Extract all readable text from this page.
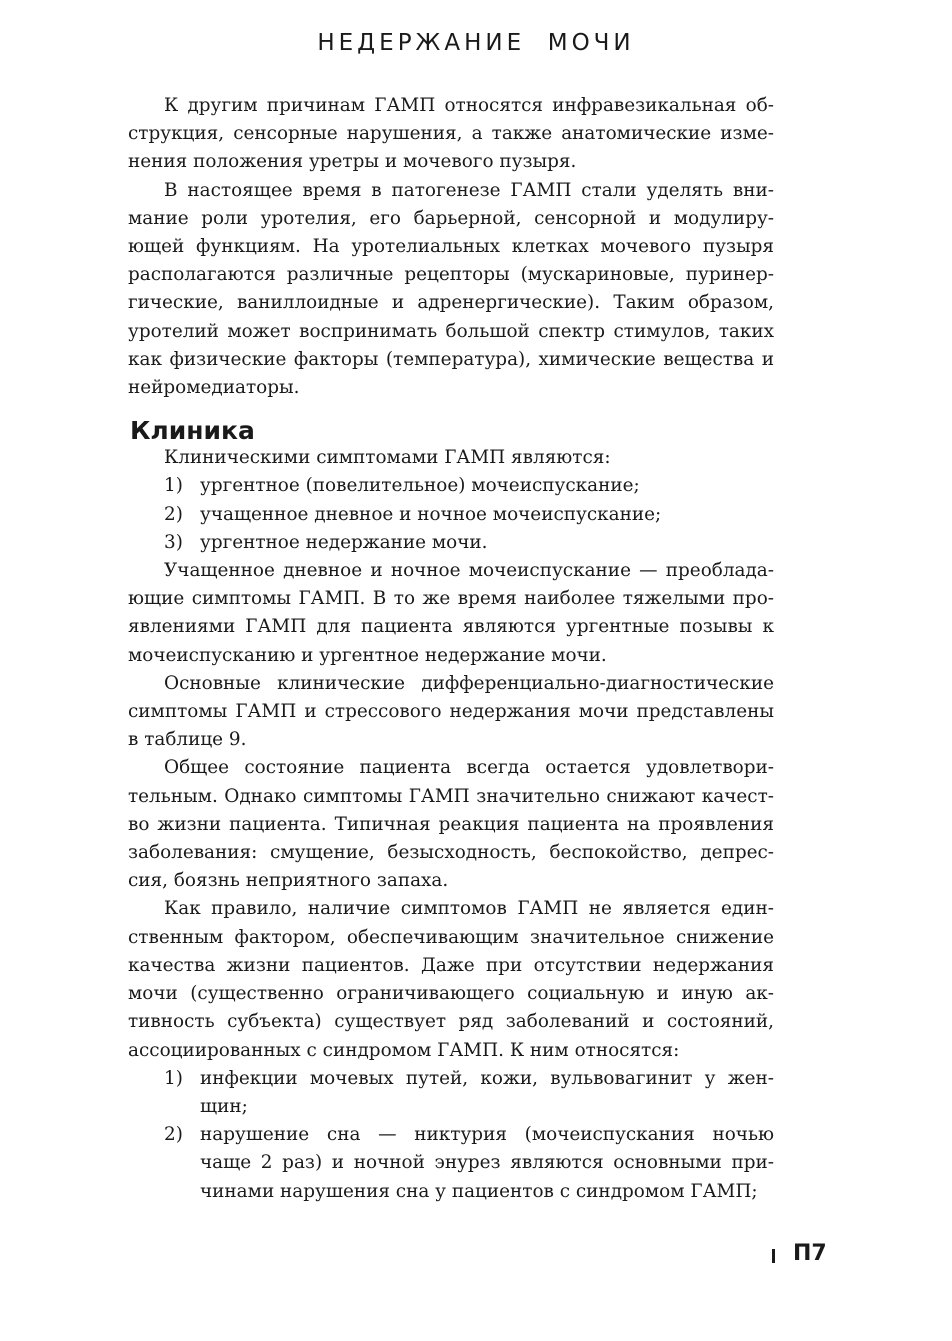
НЕДЕРЖАНИЕ  МОЧИ
К другим причинам ГАМП относятся инфравезикальная об-
струкция, сенсорные нарушения, а также анатомические изме-
нения положения уретры и мочевого пузыря.
В настоящее время в патогенезе ГАМП стали уделять вни-
мание роли уротелия, его барьерной, сенсорной и модулиру-
ющей функциям. На уротелиальных клетках мочевого пузыря
располагаются различные рецепторы (мускариновые, пуринер-
гические, ваниллоидные и адренергические). Таким образом,
уротелий может воспринимать большой спектр стимулов, таких
как физические факторы (температура), химические вещества и
нейромедиаторы.
Клиника
Клиническими симптомами ГАМП являются:
1) ургентное (повелительное) мочеиспускание;
2) учащенное дневное и ночное мочеиспускание;
3) ургентное недержание мочи.
Учащенное дневное и ночное мочеиспускание — преоблада-
ющие симптомы ГАМП. В то же время наиболее тяжелыми про-
явлениями ГАМП для пациента являются ургентные позывы к
мочеиспусканию и ургентное недержание мочи.
Основные клинические дифференциально-диагностические
симптомы ГАМП и стрессового недержания мочи представлены
в таблице 9.
Общее состояние пациента всегда остается удовлетвори-
тельным. Однако симптомы ГАМП значительно снижают качест-
во жизни пациента. Типичная реакция пациента на проявления
заболевания: смущение, безысходность, беспокойство, депрес-
сия, боязнь неприятного запаха.
Как правило, наличие симптомов ГАМП не является един-
ственным фактором, обеспечивающим значительное снижение
качества жизни пациентов. Даже при отсутствии недержания
мочи (существенно ограничивающего социальную и иную ак-
тивность субъекта) существует ряд заболеваний и состояний,
ассоциированных с синдромом ГАМП. К ним относятся:
1) инфекции мочевых путей, кожи, вульвовагинит у жен-
щин;
2) нарушение сна — никтурия (мочеиспускания ночью
чаще 2 раз) и ночной энурез являются основными при-
чинами нарушения сна у пациентов с синдромом ГАМП;
П7
